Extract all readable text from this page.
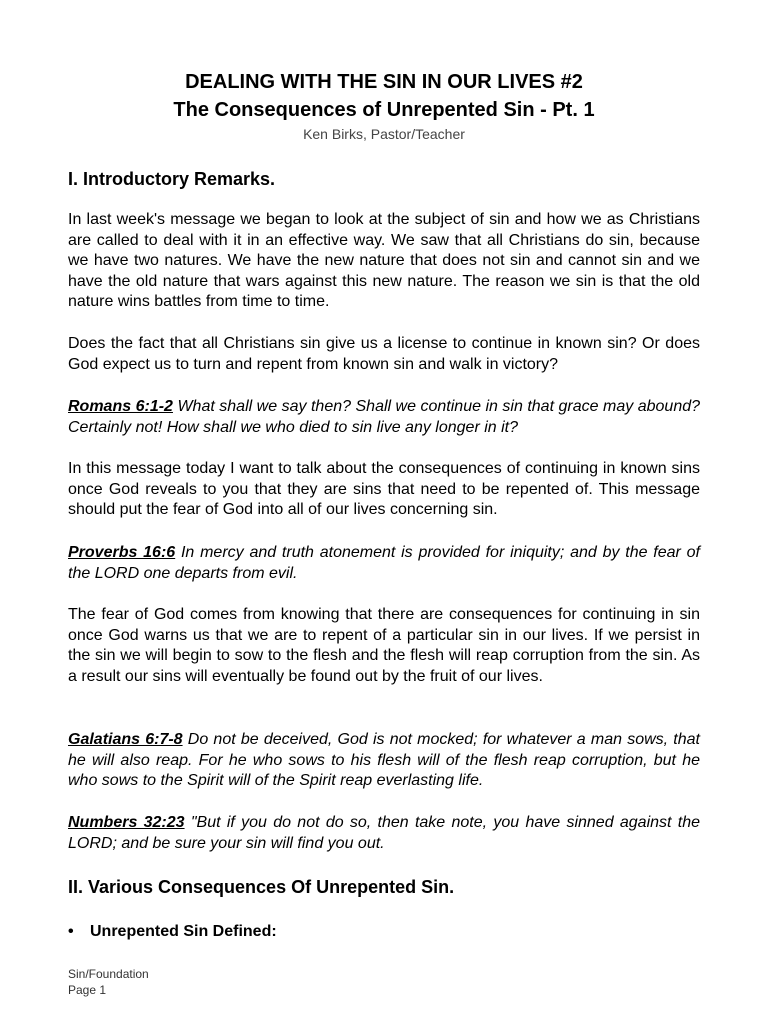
DEALING WITH THE SIN IN OUR LIVES #2
The Consequences of Unrepented Sin - Pt. 1
Ken Birks, Pastor/Teacher
I. Introductory Remarks.
In last week's message we began to look at the subject of sin and how we as Christians are called to deal with it in an effective way. We saw that all Christians do sin, because we have two natures. We have the new nature that does not sin and cannot sin and we have the old nature that wars against this new nature. The reason we sin is that the old nature wins battles from time to time.
Does the fact that all Christians sin give us a license to continue in known sin? Or does God expect us to turn and repent from known sin and walk in victory?
Romans 6:1-2 What shall we say then? Shall we continue in sin that grace may abound? Certainly not! How shall we who died to sin live any longer in it?
In this message today I want to talk about the consequences of continuing in known sins once God reveals to you that they are sins that need to be repented of. This message should put the fear of God into all of our lives concerning sin.
Proverbs 16:6 In mercy and truth atonement is provided for iniquity; and by the fear of the LORD one departs from evil.
The fear of God comes from knowing that there are consequences for continuing in sin once God warns us that we are to repent of a particular sin in our lives. If we persist in the sin we will begin to sow to the flesh and the flesh will reap corruption from the sin. As a result our sins will eventually be found out by the fruit of our lives.
Galatians 6:7-8 Do not be deceived, God is not mocked; for whatever a man sows, that he will also reap. For he who sows to his flesh will of the flesh reap corruption, but he who sows to the Spirit will of the Spirit reap everlasting life.
Numbers 32:23 "But if you do not do so, then take note, you have sinned against the LORD; and be sure your sin will find you out.
II. Various Consequences Of Unrepented Sin.
• Unrepented Sin Defined:
Sin/Foundation
Page 1
